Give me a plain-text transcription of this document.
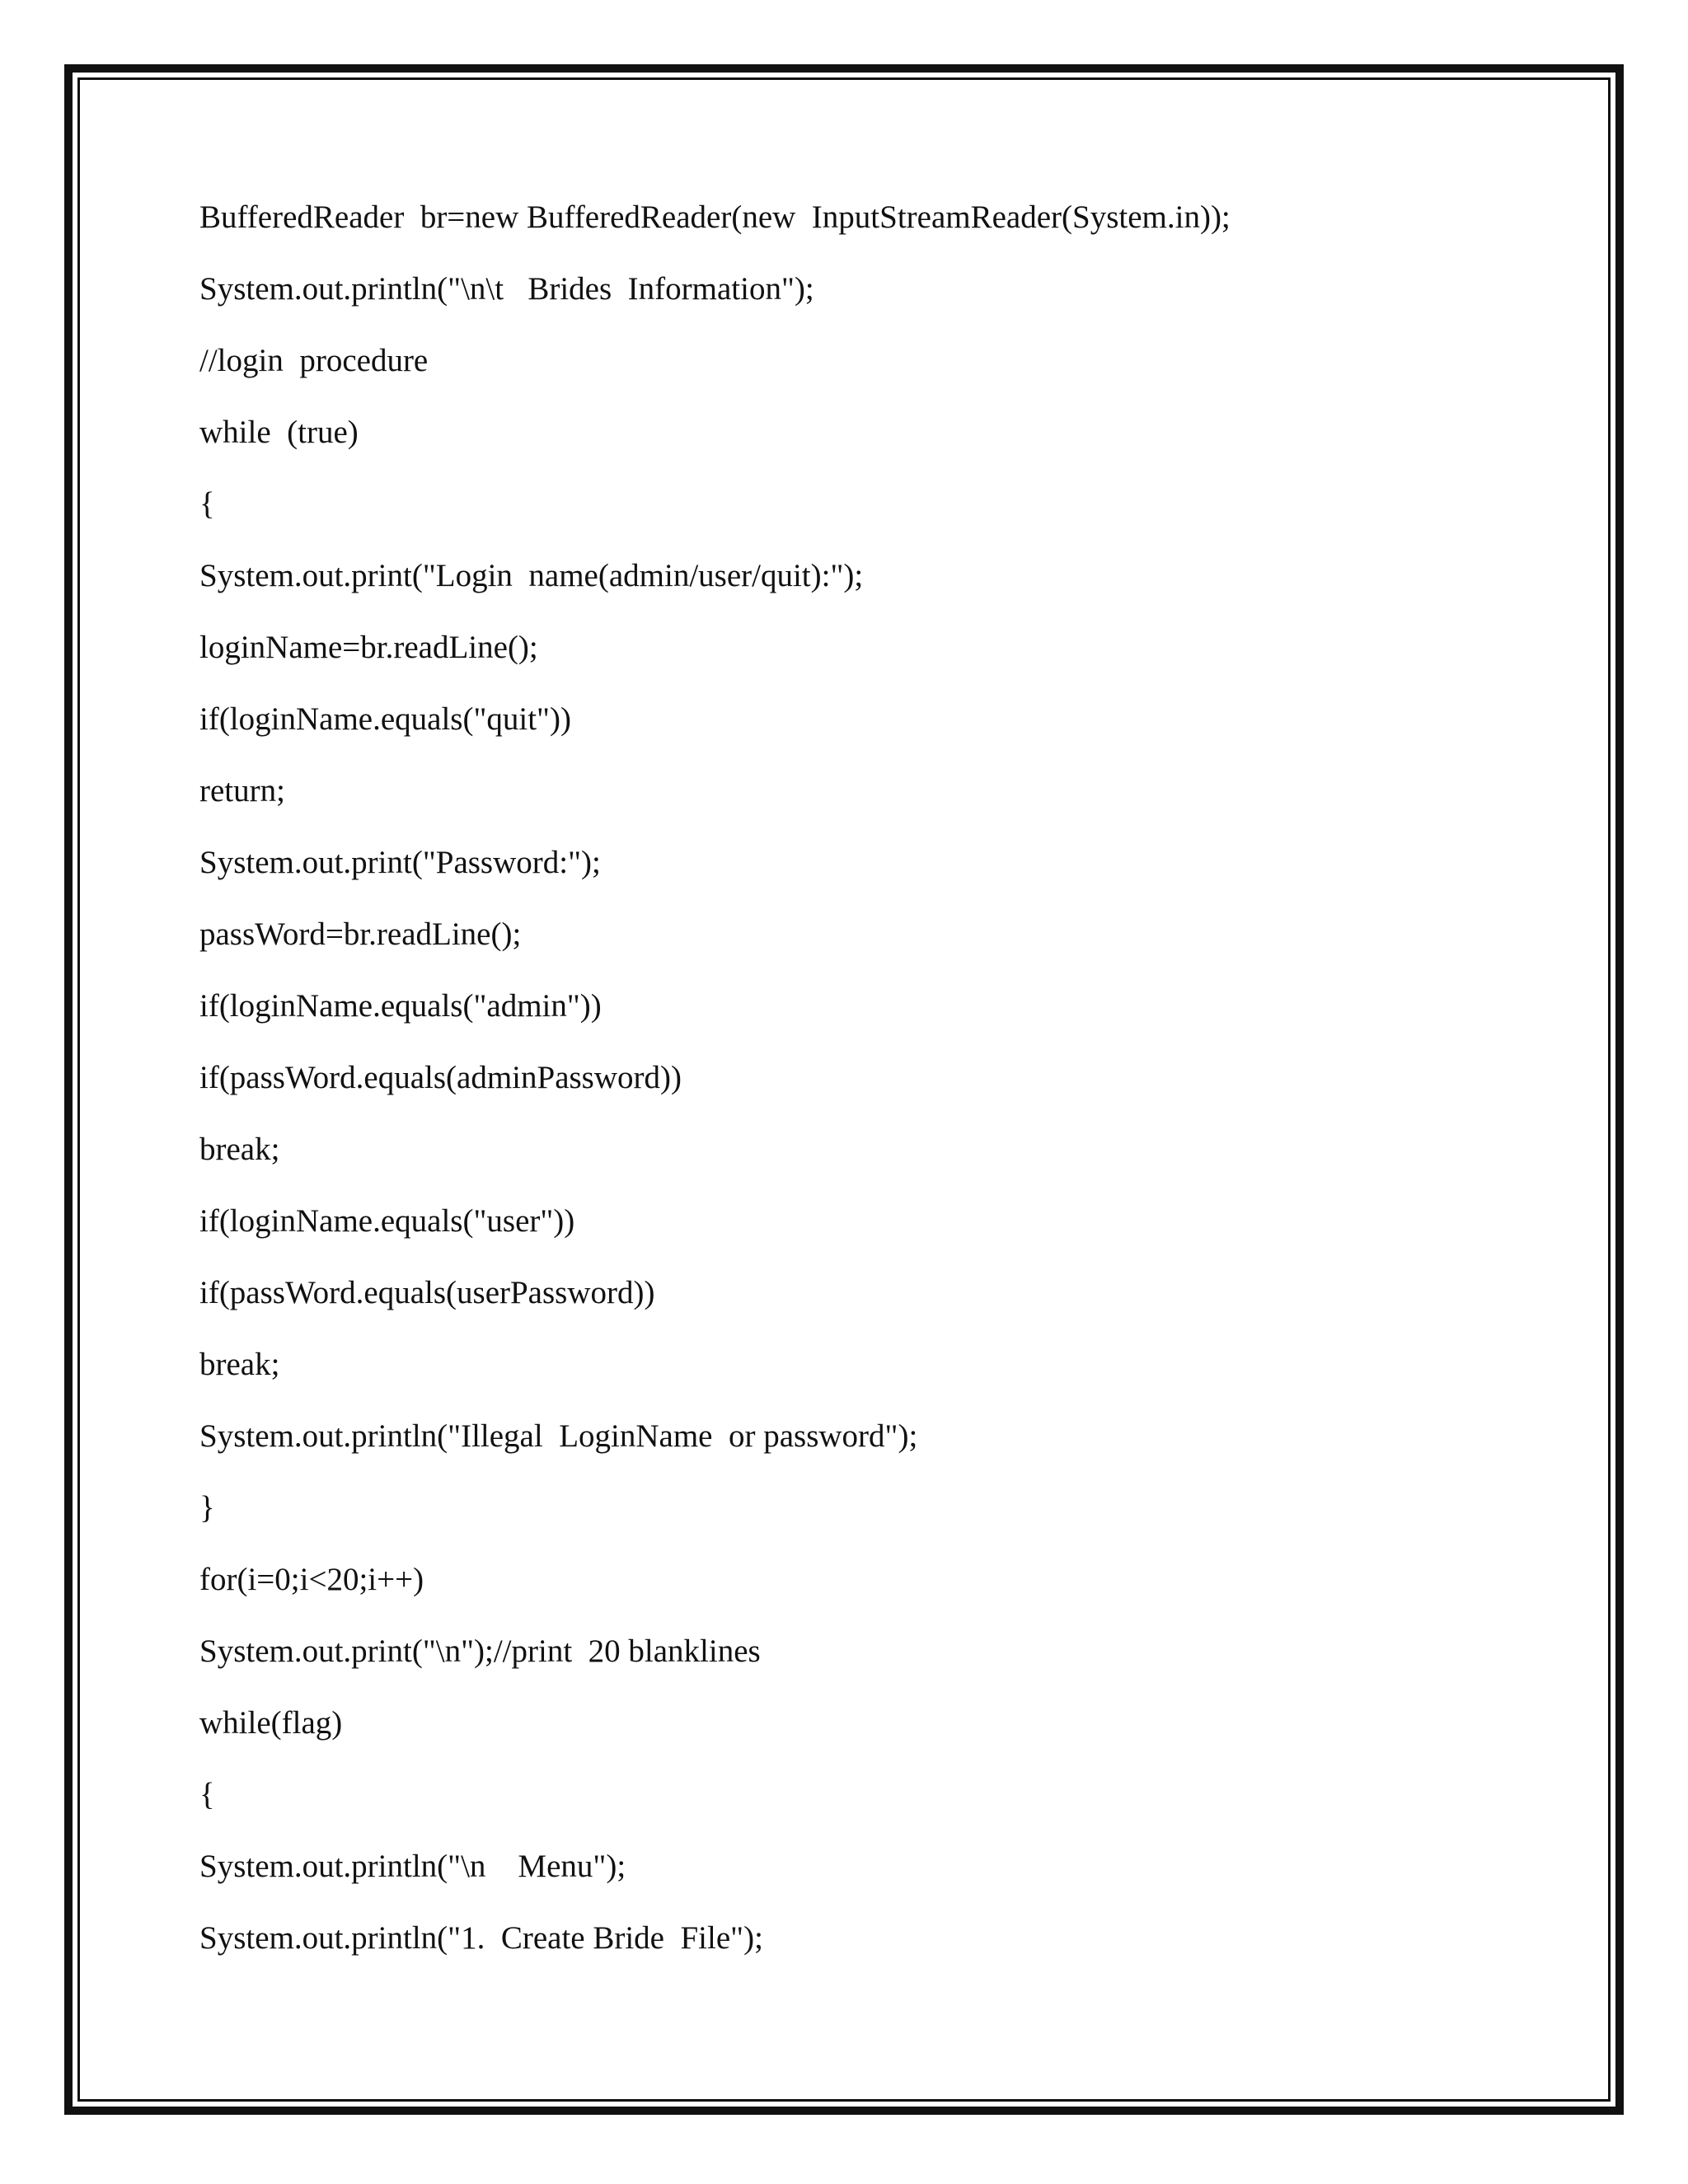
BufferedReader  br=new BufferedReader(new  InputStreamReader(System.in));
System.out.println("\n\t   Brides  Information");
//login  procedure
while  (true)
{
System.out.print("Login  name(admin/user/quit):");
loginName=br.readLine();
if(loginName.equals("quit"))
return;
System.out.print("Password:");
passWord=br.readLine();
if(loginName.equals("admin"))
if(passWord.equals(adminPassword))
break;
if(loginName.equals("user"))
if(passWord.equals(userPassword))
break;
System.out.println("Illegal  LoginName  or password");
}
for(i=0;i<20;i++)
System.out.print("\n");//print  20 blanklines
while(flag)
{
System.out.println("\n    Menu");
System.out.println("1.  Create Bride  File");
